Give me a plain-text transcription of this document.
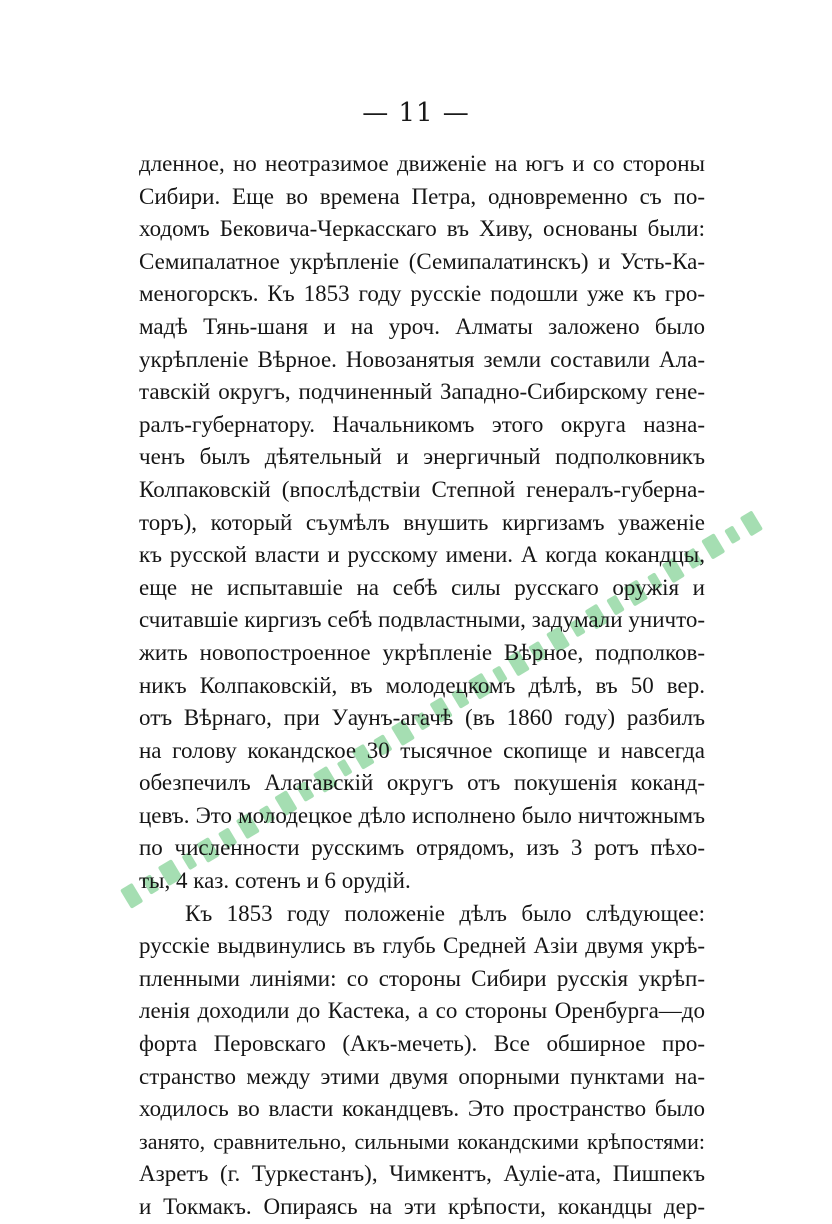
— 11 —
дленное, но неотразимое движеніе на югъ и со стороны
Сибири. Еще во времена Петра, одновременно съ по-
ходомъ Бековича-Черкасскаго въ Хиву, основаны были:
Семипалатное укрѣпленіе (Семипалатинскъ) и Усть-Ка-
меногорскъ. Къ 1853 году русскіе подошли уже къ гро-
мадѣ Тянь-шаня и на уроч. Алматы заложено было
укрѣпленіе Вѣрное. Новозанятыя земли составили Ала-
тавскій округъ, подчиненный Западно-Сибирскому гене-
ралъ-губернатору. Начальникомъ этого округа назна-
ченъ былъ дѣятельный и энергичный подполковникъ
Колпаковскій (впослѣдствіи Степной генералъ-губерна-
торъ), который съумѣлъ внушить киргизамъ уваженіе
къ русской власти и русскому имени. А когда кокандцы,
еще не испытавшіе на себѣ силы русскаго оружія и
считавшіе киргизъ себѣ подвластными, задумали уничто-
жить новопостроенное укрѣпленіе Вѣрное, подполков-
никъ Колпаковскій, въ молодецкомъ дѣлѣ, въ 50 вер.
отъ Вѣрнаго, при Уаунъ-агачѣ (въ 1860 году) разбилъ
на голову кокандское 30 тысячное скопище и навсегда
обезпечилъ Алатавскій округъ отъ покушенія коканд-
цевъ. Это молодецкое дѣло исполнено было ничтожнымъ
по численности русскимъ отрядомъ, изъ 3 ротъ пѣхо-
ты, 4 каз. сотенъ и 6 орудій.
Къ 1853 году положеніе дѣлъ было слѣдующее:
русскіе выдвинулись въ глубь Средней Азіи двумя укрѣ-
пленными линіями: со стороны Сибири русскія укрѣп-
ленія доходили до Кастека, а со стороны Оренбурга—до
форта Перовскаго (Акъ-мечеть). Все обширное про-
странство между этими двумя опорными пунктами на-
ходилось во власти кокандцевъ. Это пространство было
занято, сравнительно, сильными кокандскими крѣпостями:
Азретъ (г. Туркестанъ), Чимкентъ, Ауліе-ата, Пишпекъ
и Токмакъ. Опираясь на эти крѣпости, кокандцы дер-
